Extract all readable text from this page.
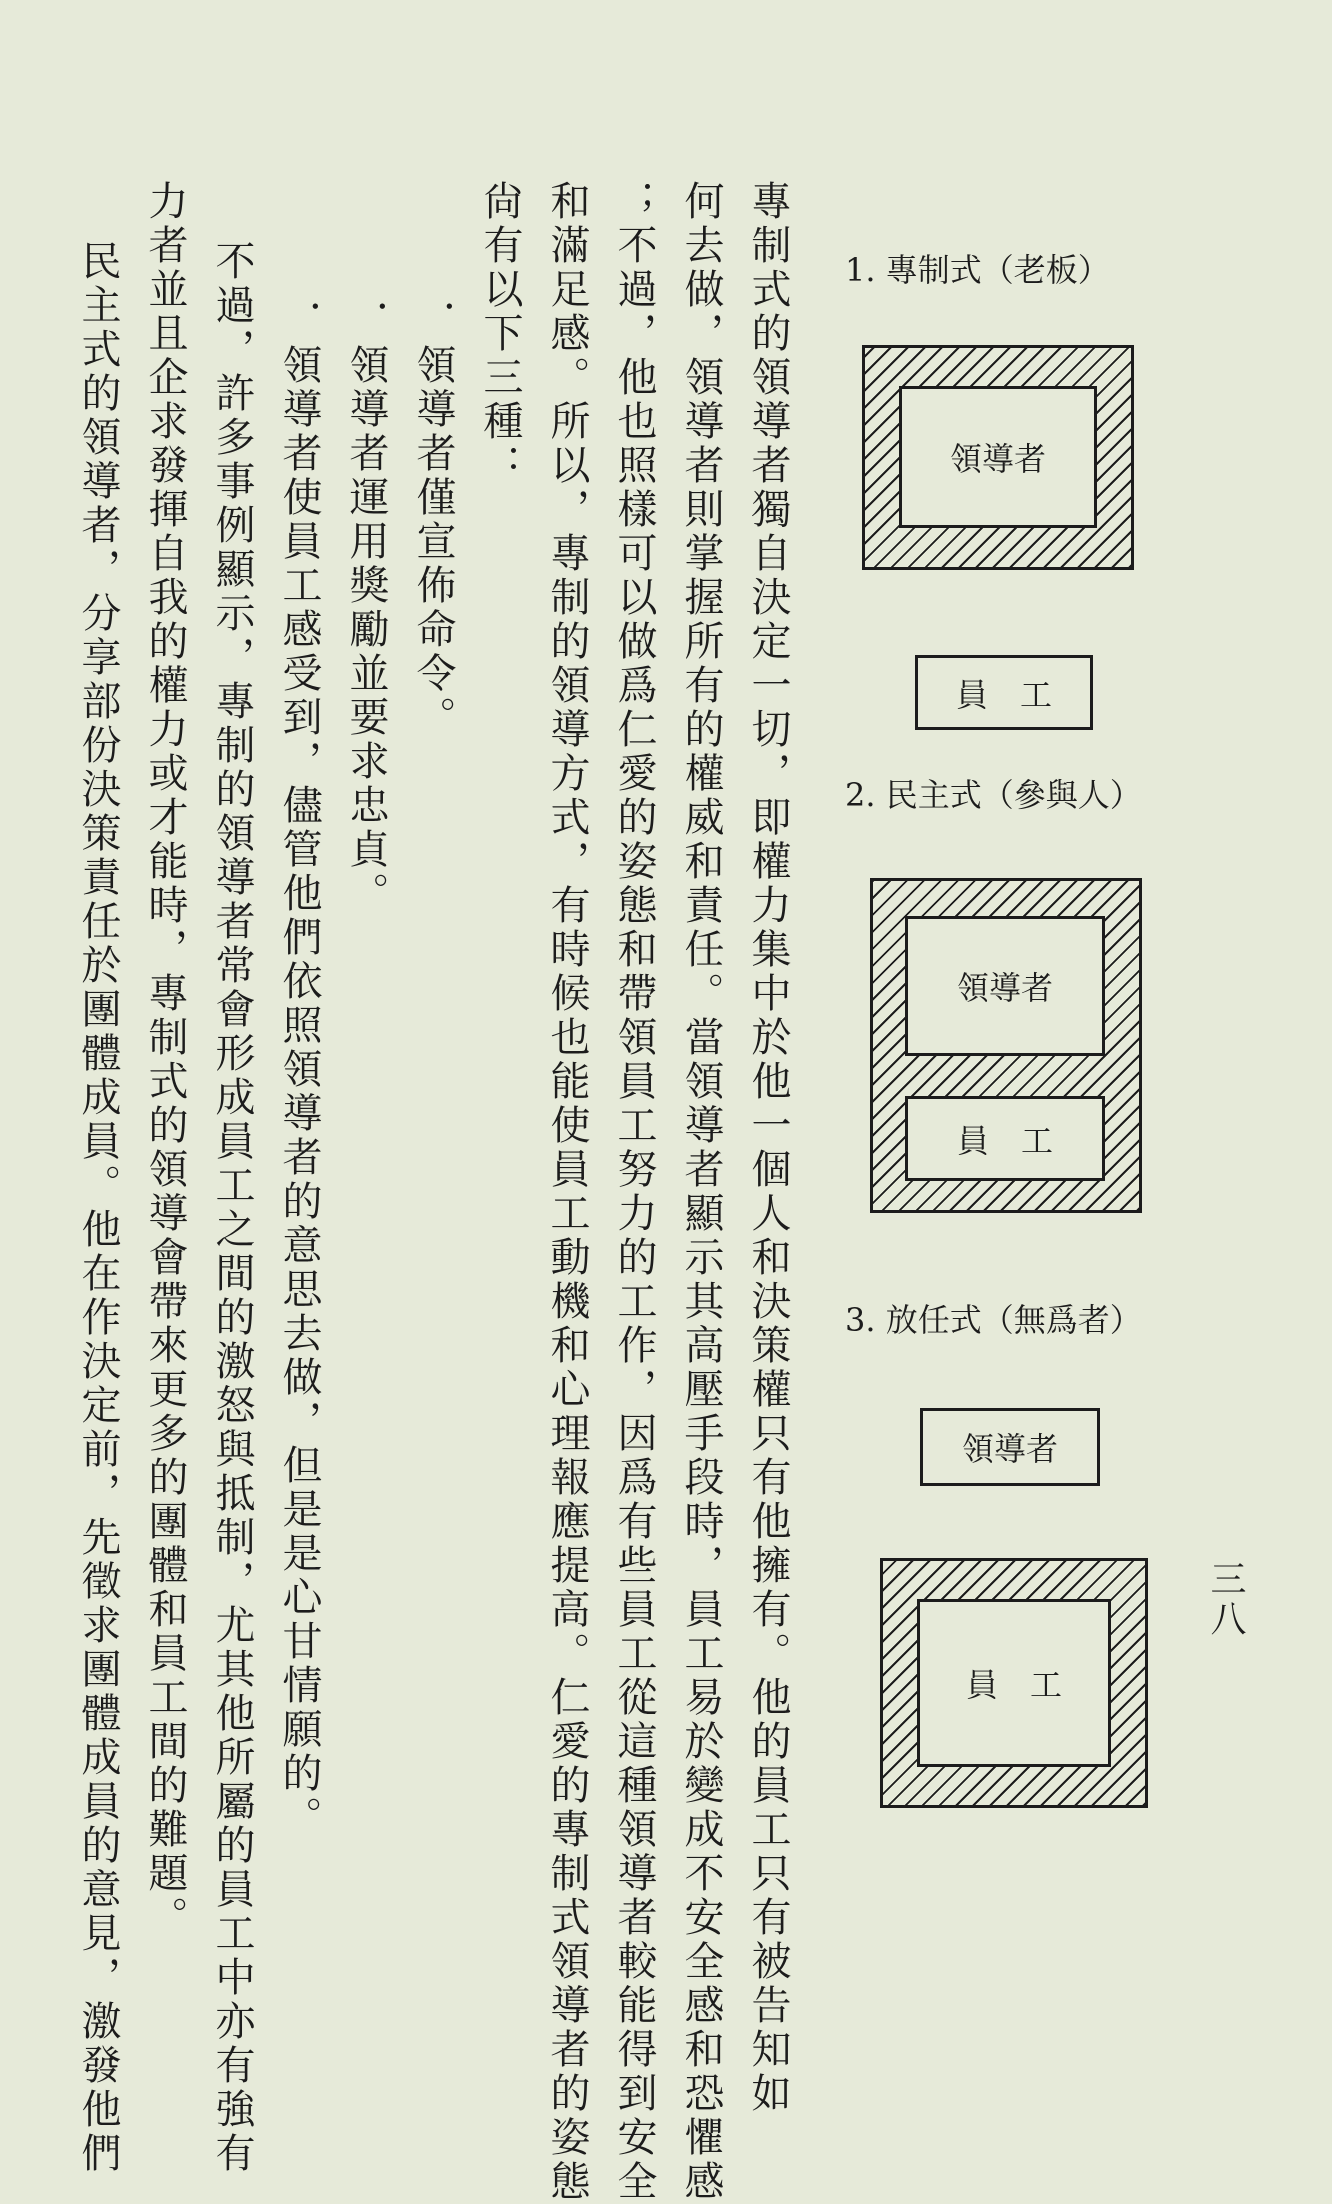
專制式的領導者獨自決定一切，即權力集中於他一個人和決策權只有他擁有。他的員工只有被告知如
何去做，領導者則掌握所有的權威和責任。當領導者顯示其高壓手段時，員工易於變成不安全感和恐懼感
；不過，他也照樣可以做爲仁愛的姿態和帶領員工努力的工作，因爲有些員工從這種領導者較能得到安全
和滿足感。所以，專制的領導方式，有時候也能使員工動機和心理報應提高。仁愛的專制式領導者的姿態
尙有以下三種：
．領導者僅宣佈命令。
．領導者運用獎勵並要求忠貞。
．領導者使員工感受到，儘管他們依照領導者的意思去做，但是是心甘情願的。
不過，許多事例顯示，專制的領導者常會形成員工之間的激怒與抵制，尤其他所屬的員工中亦有強有
力者並且企求發揮自我的權力或才能時，專制式的領導會帶來更多的團體和員工間的難題。
民主式的領導者，分享部份決策責任於團體成員。他在作決定前，先徵求團體成員的意見，激發他們	1. 專制式（老板）
領導者
員　工
2. 民主式（參與人）
領導者
員　工
3. 放任式（無爲者）
領導者
員　工
三八
